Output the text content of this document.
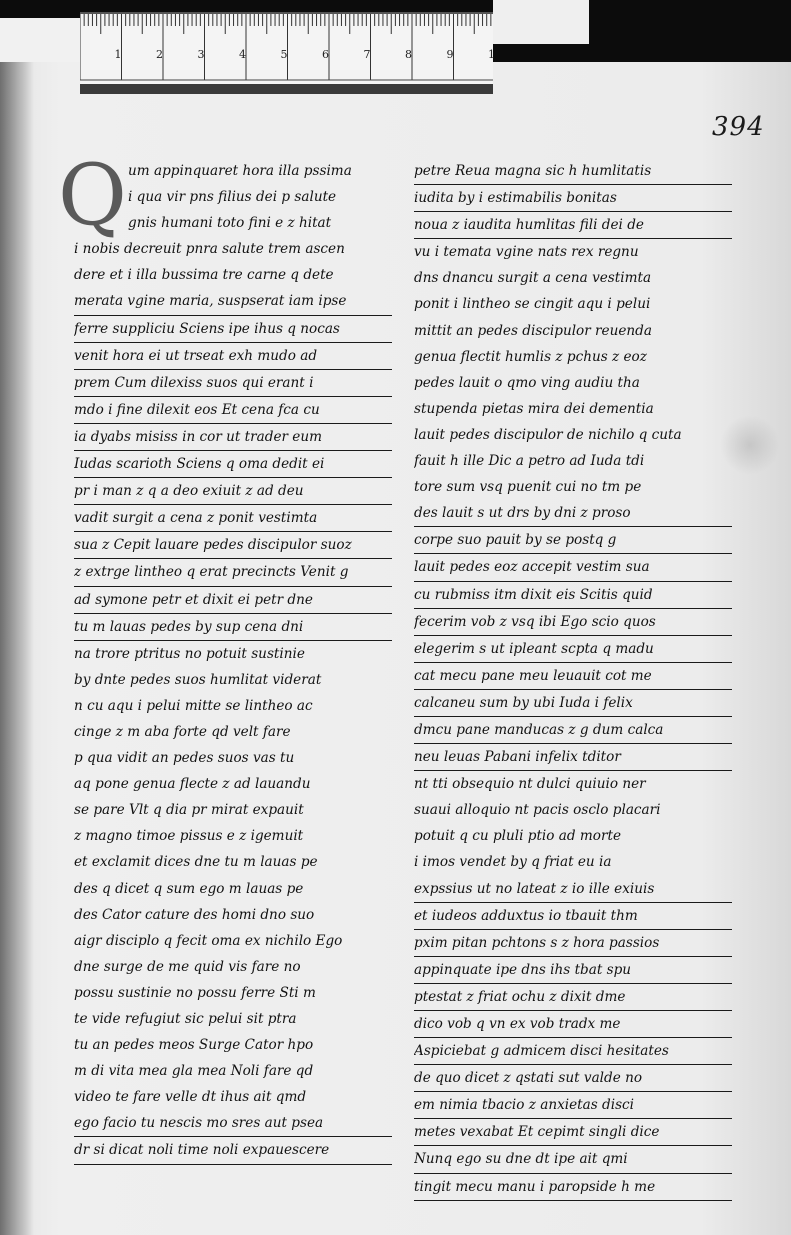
1	2	3	4	5	6	7	8	9	1
394
Q um appinquaret hora illa pssima
i qua vir pns filius dei p salute
gnis humani toto fini e z hitat
i nobis decreuit pnra salute trem ascen
dere et i illa bussima tre carne q dete
merata vgine maria, suspserat iam ipse
ferre suppliciu Sciens ipe ihus q nocas
venit hora ei ut trseat exh mudo ad
prem Cum dilexiss suos qui erant i
mdo i fine dilexit eos Et cena fca cu
ia dyabs misiss in cor ut trader eum
Iudas scarioth Sciens q oma dedit ei
pr i man z q a deo exiuit z ad deu
vadit surgit a cena z ponit vestimta
sua z Cepit lauare pedes discipulor suoz
z extrge lintheo q erat precincts Venit g
ad symone petr et dixit ei petr dne
tu m lauas pedes by sup cena dni
na trore ptritus no potuit sustinie
by dnte pedes suos humlitat viderat
n cu aqu i pelui mitte se lintheo ac
cinge z m aba forte qd velt fare
p qua vidit an pedes suos vas tu
aq pone genua flecte z ad lauandu
se pare Vlt q dia pr mirat expauit
z magno timoe pissus e z igemuit
et exclamit dices dne tu m lauas pe
des q dicet q sum ego m lauas pe
des Cator cature des homi dno suo
aigr disciplo q fecit oma ex nichilo Ego
dne surge de me quid vis fare no
possu sustinie no possu ferre Sti m
te vide refugiut sic pelui sit ptra
tu an pedes meos Surge Cator hpo
m di vita mea gla mea Noli fare qd
video te fare velle dt ihus ait qmd
ego facio tu nescis mo sres aut psea
dr si dicat noli time noli expauescere
petre Reua magna sic h humlitatis
iudita by i estimabilis bonitas
noua z iaudita humlitas fili dei de
vu i temata vgine nats rex regnu
dns dnancu surgit a cena vestimta
ponit i lintheo se cingit aqu i pelui
mittit an pedes discipulor reuenda
genua flectit humlis z pchus z eoz
pedes lauit o qmo ving audiu tha
stupenda pietas mira dei dementia
lauit pedes discipulor de nichilo q cuta
fauit h ille Dic a petro ad Iuda tdi
tore sum vsq puenit cui no tm pe
des lauit s ut drs by dni z proso
corpe suo pauit by se postq g
lauit pedes eoz accepit vestim sua
cu rubmiss itm dixit eis Scitis quid
fecerim vob z vsq ibi Ego scio quos
elegerim s ut ipleant scpta q madu
cat mecu pane meu leuauit cot me
calcaneu sum by ubi Iuda i felix
dmcu pane manducas z g dum calca
neu leuas Pabani infelix tditor
nt tti obsequio nt dulci quiuio ner
suaui alloquio nt pacis osclo placari
potuit q cu pluli ptio ad morte
i imos vendet by q friat eu ia
expssius ut no lateat z io ille exiuis
et iudeos adduxtus io tbauit thm
pxim pitan pchtons s z hora passios
appinquate ipe dns ihs tbat spu
ptestat z friat ochu z dixit dme
dico vob q vn ex vob tradx me
Aspiciebat g admicem disci hesitates
de quo dicet z qstati sut valde no
em nimia tbacio z anxietas disci
metes vexabat Et cepimt singli dice
Nunq ego su dne dt ipe ait qmi
tingit mecu manu i paropside h me
